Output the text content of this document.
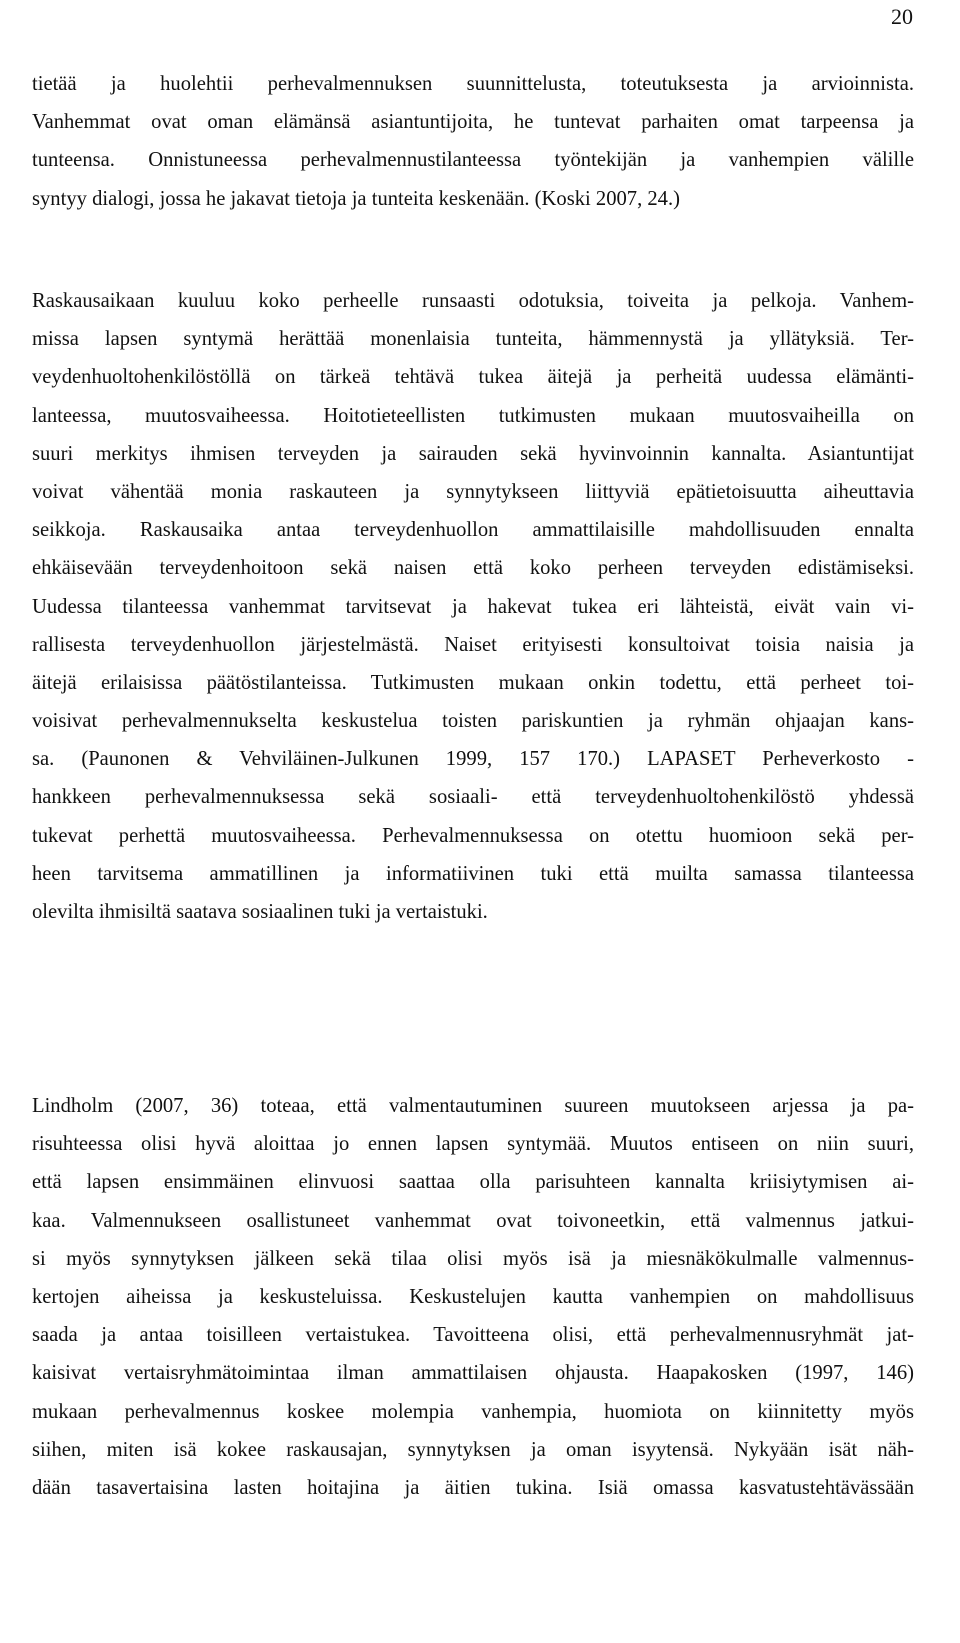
20
tietää ja huolehtii perhevalmennuksen suunnittelusta, toteutuksesta ja arvioinnista.
Vanhemmat ovat oman elämänsä asiantuntijoita, he tuntevat parhaiten omat tarpeensa ja
tunteensa. Onnistuneessa perhevalmennustilanteessa työntekijän ja vanhempien välille
syntyy dialogi, jossa he jakavat tietoja ja tunteita keskenään. (Koski 2007, 24.)
Raskausaikaan kuuluu koko perheelle runsaasti odotuksia, toiveita ja pelkoja. Vanhem-
missa lapsen syntymä herättää monenlaisia tunteita, hämmennystä ja yllätyksiä. Ter-
veydenhuoltohenkilöstöllä on tärkeä tehtävä tukea äitejä ja perheitä uudessa elämänti-
lanteessa, muutosvaiheessa. Hoitotieteellisten tutkimusten mukaan muutosvaiheilla on
suuri merkitys ihmisen terveyden ja sairauden sekä hyvinvoinnin kannalta. Asiantuntijat
voivat vähentää monia raskauteen ja synnytykseen liittyviä epätietoisuutta aiheuttavia
seikkoja. Raskausaika antaa terveydenhuollon ammattilaisille mahdollisuuden ennalta
ehkäisevään terveydenhoitoon sekä naisen että koko perheen terveyden edistämiseksi.
Uudessa tilanteessa vanhemmat tarvitsevat ja hakevat tukea eri lähteistä, eivät vain vi-
rallisesta terveydenhuollon järjestelmästä. Naiset erityisesti konsultoivat toisia naisia ja
äitejä erilaisissa päätöstilanteissa. Tutkimusten mukaan onkin todettu, että perheet toi-
voisivat perhevalmennukselta keskustelua toisten pariskuntien ja ryhmän ohjaajan kans-
sa. (Paunonen & Vehviläinen-Julkunen 1999, 157 170.) LAPASET Perheverkosto -
hankkeen perhevalmennuksessa sekä sosiaali- että terveydenhuoltohenkilöstö yhdessä
tukevat perhettä muutosvaiheessa. Perhevalmennuksessa on otettu huomioon sekä per-
heen tarvitsema ammatillinen ja informatiivinen tuki että muilta samassa tilanteessa
olevilta ihmisiltä saatava sosiaalinen tuki ja vertaistuki.
Lindholm (2007, 36) toteaa, että valmentautuminen suureen muutokseen arjessa ja pa-
risuhteessa olisi hyvä aloittaa jo ennen lapsen syntymää. Muutos entiseen on niin suuri,
että lapsen ensimmäinen elinvuosi saattaa olla parisuhteen kannalta kriisiytymisen ai-
kaa. Valmennukseen osallistuneet vanhemmat ovat toivoneetkin, että valmennus jatkui-
si myös synnytyksen jälkeen sekä tilaa olisi myös isä ja miesnäkökulmalle valmennus-
kertojen aiheissa ja keskusteluissa. Keskustelujen kautta vanhempien on mahdollisuus
saada ja antaa toisilleen vertaistukea. Tavoitteena olisi, että perhevalmennusryhmät jat-
kaisivat vertaisryhmätoimintaa ilman ammattilaisen ohjausta. Haapakosken (1997, 146)
mukaan perhevalmennus koskee molempia vanhempia, huomiota on kiinnitetty myös
siihen, miten isä kokee raskausajan, synnytyksen ja oman isyytensä. Nykyään isät näh-
dään tasavertaisina lasten hoitajina ja äitien tukina. Isiä omassa kasvatustehtävässään
